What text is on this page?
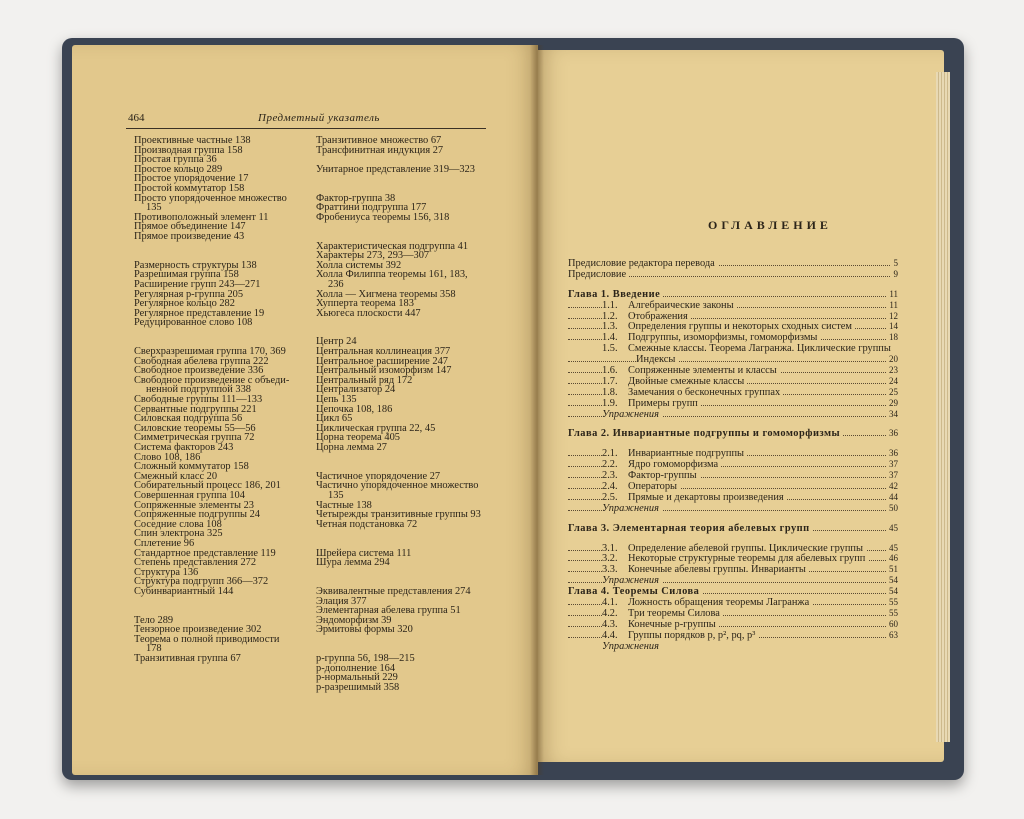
464	Предметный указатель
Проективные частные 138
Производная группа 158
Простая группа 36
Простое кольцо 289
Простое упорядочение 17
Простой коммутатор 158
Просто упорядоченное множество
135
Противоположный элемент 11
Прямое объединение 147
Прямое произведение 43
Размерность структуры 138
Разрешимая группа 158
Расширение групп 243—271
Регулярная p-группа 205
Регулярное кольцо 282
Регулярное представление 19
Редуцированное слово 108
Сверхразрешимая группа 170, 369
Свободная абелева группа 222
Свободное произведение 336
Свободное произведение с объеди-
ненной подгруппой 338
Свободные группы 111—133
Сервантные подгруппы 221
Силовская подгруппа 56
Силовские теоремы 55—56
Симметрическая группа 72
Система факторов 243
Слово 108, 186
Сложный коммутатор 158
Смежный класс 20
Собирательный процесс 186, 201
Совершенная группа 104
Сопряженные элементы 23
Сопряженные подгруппы 24
Соседние слова 108
Спин электрона 325
Сплетение 96
Стандартное представление 119
Степень представления 272
Структура 136
Структура подгрупп 366—372
Субинвариантный 144
Тело 289
Тензорное произведение 302
Теорема о полной приводимости
178
Транзитивная группа 67
Транзитивное множество 67
Трансфинитная индукция 27
Унитарное представление 319—323
Фактор-группа 38
Фраттини подгруппа 177
Фробениуса теоремы 156, 318
Характеристическая подгруппа 41
Характеры 273, 293—307
Холла системы 392
Холла Филиппа теоремы 161, 183,
236
Холла — Хигмена теоремы 358
Хупперта теорема 183
Хьюгеса плоскости 447
Центр 24
Центральная коллинеация 377
Центральное расширение 247
Центральный изоморфизм 147
Центральный ряд 172
Централизатор 24
Цепь 135
Цепочка 108, 186
Цикл 65
Циклическая группа 22, 45
Цорна теорема 405
Цорна лемма 27
Частичное упорядочение 27
Частично упорядоченное множество
135
Частные 138
Четырежды транзитивные группы 93
Четная подстановка 72
Шрейера система 111
Шура лемма 294
Эквивалентные представления 274
Элация 377
Элементарная абелева группа 51
Эндоморфизм 39
Эрмитовы формы 320
p-группа 56, 198—215
p-дополнение 164
p-нормальный 229
p-разрешимый 358
ОГЛАВЛЕНИЕ
Предисловие редактора перевода	5
Предисловие	9
Глава 1. Введение	11
1.1. Алгебраические законы	11
1.2. Отображения	12
1.3. Определения группы и некоторых сходных систем	14
1.4. Подгруппы, изоморфизмы, гомоморфизмы	18
1.5. Смежные классы. Теорема Лагранжа. Циклические группы
Индексы	20
1.6. Сопряженные элементы и классы	23
1.7. Двойные смежные классы	24
1.8. Замечания о бесконечных группах	25
1.9. Примеры групп	29
Упражнения	34
Глава 2. Инвариантные подгруппы и гомоморфизмы	36
2.1. Инвариантные подгруппы	36
2.2. Ядро гомоморфизма	37
2.3. Фактор-группы	37
2.4. Операторы	42
2.5. Прямые и декартовы произведения	44
Упражнения	50
Глава 3. Элементарная теория абелевых групп	45
3.1. Определение абелевой группы. Циклические группы	45
3.2. Некоторые структурные теоремы для абелевых групп	46
3.3. Конечные абелевы группы. Инварианты	51
Упражнения	54
Глава 4. Теоремы Силова	54
4.1. Ложность обращения теоремы Лагранжа	55
4.2. Три теоремы Силова	55
4.3. Конечные p-группы	60
4.4. Группы порядков p, p², pq, p³	63
Упражнения
